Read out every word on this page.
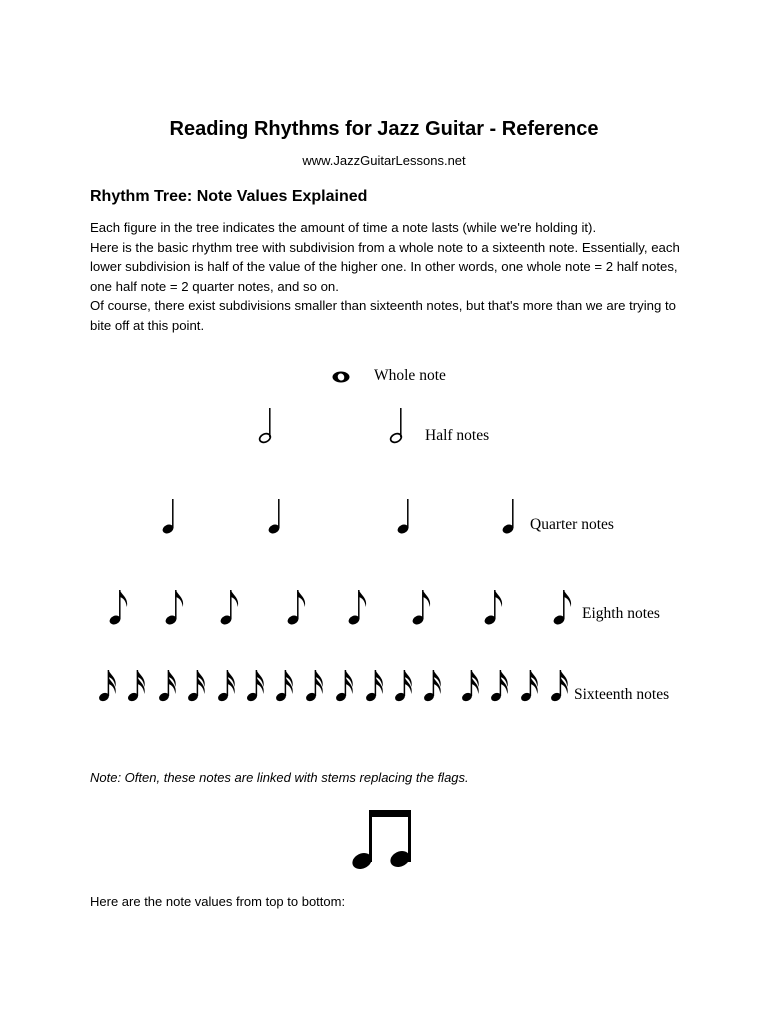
Reading Rhythms for Jazz Guitar - Reference
www.JazzGuitarLessons.net
Rhythm Tree: Note Values Explained

Each figure in the tree indicates the amount of time a note lasts (while we're holding it).

Here is the basic rhythm tree with subdivision from a whole note to a sixteenth note. Essentially, each lower subdivision is half of the value of the higher one. In other words, one whole note = 2 half notes, one half note = 2 quarter notes, and so on.

Of course, there exist subdivisions smaller than sixteenth notes, but that's more than we are trying to bite off at this point.

Whole note
Half notes
Quarter notes
Eighth notes
Sixteenth notes
Note: Often, these notes are linked with stems replacing the flags.
Here are the note values from top to bottom:
